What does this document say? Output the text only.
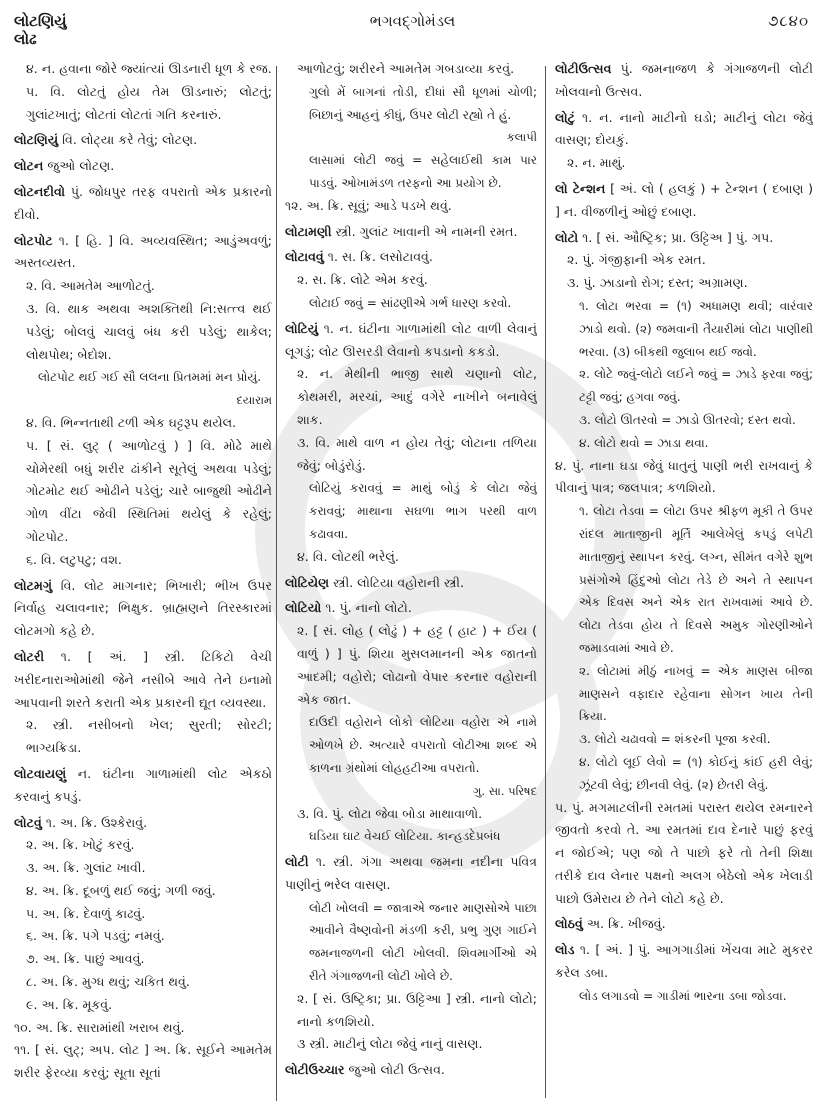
લોટણિયું
લોઢ
ભગવદ્ગોમંડલ	૭૮૪૦
૪. ન. હવાના જોરે જ્યાંત્યાં ઊડનારી ધૂળ કે રજ.
૫. વિ. લોટતું હોય તેમ ઊડનારું; લોટતું; ગુલાંટખાતું; લોટતાં લોટતાં ગતિ કરનારું.
લોટણિયું વિ. લોટ્યા કરે તેવું; લોટણ.
લોટન જુઓ લોટણ.
લોટનદીવો પું. જોધપુર તરફ વપરાતો એક પ્રકારનો દીવો.
લોટપોટ ૧. [ હિ. ] વિ. અવ્યવસ્થિત; આડુંઅવળું; અસ્તવ્યસ્ત.
૨. વિ. આમતેમ આળોટતું.
૩. વિ. થાક અથવા અશક્તિથી નિ:સત્ત્વ થઈ પડેલું; બોલવું ચાલવું બંધ કરી પડેલું; થાકેલ; લોથપોથ; બેદોશ.
લોટપોટ થઈ ગઈ સૌ લલના પ્રિતમમાં મન પ્રોયું.
દયારામ
૪. વિ. ભિન્નતાથી ટળી એક ઘટ્ટરૂપ થયેલ.
૫. [ સં. લુટ્ ( આળોટવું ) ] વિ. મોઢે માથે ચોમેરથી બધું શરીર ઢાંકીને સૂતેલું અથવા પડેલું; ગોટમોટ થઈ ઓઢીને પડેલું; ચારે બાજુથી ઓઢીને ગોળ વીંટા જેવી સ્થિતિમાં થયેલું કે રહેલું; ગોટપોટ.
૬. વિ. લટુપટુ; વશ.
લોટમગું વિ. લોટ માગનાર; ભિખારી; ભીખ ઉપર નિર્વાહ ચલાવનાર; ભિક્ષુક. બ્રાહ્મણને તિરસ્કારમાં લોટમગો કહે છે.
લોટરી ૧. [ અં. ] સ્ત્રી. ટિકિટો વેચી ખરીદનારાઓમાંથી જેને નસીબે આવે તેને ઇનામો આપવાની શરતે કરાતી એક પ્રકારની દ્યૂત વ્યવસ્થા.
૨. સ્ત્રી. નસીબનો ખેલ; સુરતી; સોરટી; ભાગ્યક્રિડા.
લોટવાયણું ન. ઘંટીના ગાળામાંથી લોટ એકઠો કરવાનું કપડું.
લોટવું ૧. અ. ક્રિ. ઉશ્કેરાવું.
૨. અ. ક્રિ. ખોટું કરવું.
૩. અ. ક્રિ. ગુલાંટ ખાવી.
૪. અ. ક્રિ. દૂબળું થઈ જવું; ગળી જવું.
૫. અ. ક્રિ. દેવાળું કાઢવું.
૬. અ. ક્રિ. પગે પડવું; નમવું.
૭. અ. ક્રિ. પાછું આવવું.
૮. અ. ક્રિ. મુગ્ધ થવું; ચકિત થવું.
૯. અ. ક્રિ. મૂકવું.
૧૦. અ. ક્રિ. સારામાંથી ખરાબ થવું.
૧૧. [ સં. લુટ્; અપ. લોટ ] અ. ક્રિ. સૂઈને આમતેમ શરીર ફેરવ્યા કરવું; સૂતા સૂતાં
આળોટવું; શરીરને આમતેમ ગબડાવ્યા કરવું.
ગુલો મેં બાગનાં તોડી, દીધાં સૌ ધૂળમાં ચોળી; બિછાનું આહનું કીધું, ઉપર લોટી રહ્યો તે હું.
કલાપી
લાસામાં લોટી જવું = સહેલાઈથી કામ પાર પાડવું. ઓખામંડળ તરફનો આ પ્રયોગ છે.
૧૨. અ. ક્રિ. સૂવું; આડે પડખે થવું.
લોટામણી સ્ત્રી. ગુલાંટ ખાવાની એ નામની રમત.
લોટાવવું ૧. સ. ક્રિ. લસોટાવવું.
૨. સ. ક્રિ. લોટે એમ કરવું.
લોટાઈ જવું = સાંઢણીએ ગર્ભ ધારણ કરવો.
લોટિયું ૧. ન. ઘંટીના ગાળામાંથી લોટ વાળી લેવાનું લૂગડું; લોટ ઊસરડી લેવાનો કપડાનો કકડો.
૨. ન. મેથીની ભાજી સાથે ચણાનો લોટ, કોથમરી, મરચાં, આદું વગેરે નાખીને બનાવેલું શાક.
૩. વિ. માથે વાળ ન હોય તેવું; લોટાના તળિયા જેવું; બોડુંરોડું.
લોટિયું કરાવવું = માથું બોડું કે લોટા જેવું કરાવવું; માથાના સઘળા ભાગ પરથી વાળ કઢાવવા.
૪. વિ. લોટથી ભરેલું.
લોટિયેણ સ્ત્રી. લોટિયા વહોરાની સ્ત્રી.
લોટિયો ૧. પું. નાનો લોટો.
૨. [ સં. લોહ ( લોઢું ) + હટ્ટ ( હાટ ) + ઈય ( વાળું ) ] પું. શિયા મુસલમાનની એક જાતનો આદમી; વહોરો; લોઢાનો વેપાર કરનાર વહોરાની એક જાત.
દાઉદી વહોરાને લોકો લોટિયા વહોરા એ નામે ઓળખે છે. અત્યારે વપરાતો લોટીઆ શબ્દ એ કાળના ગ્રંથોમાં લોહહટીઆ વપરાતો.
ગુ. સા. પરિષદ
૩. વિ. પું. લોટા જેવા બોડા માથાવાળો.
ઘડિયા ઘાટ વેચઈ લોટિયા. કાન્હડદેપ્રબંધ
લોટી ૧. સ્ત્રી. ગંગા અથવા જમના નદીના પવિત્ર પાણીનું ભરેલ વાસણ.
લોટી ખોલવી = જાત્રાએ જનાર માણસોએ પાછા આવીને વૈષ્ણવોની મંડળી કરી, પ્રભુ ગુણ ગાઈને જમનાજળની લોટી ખોલવી. શિવમાર્ગીઓ એ રીતે ગંગાજળની લોટી ખોલે છે.
૨. [ સં. ઉષ્ટ્રિકા; પ્રા. ઉટ્ટિઆ ] સ્ત્રી. નાનો લોટો; નાનો કળશિયો.
૩ સ્ત્રી. માટીનું લોટા જેવું નાનું વાસણ.
લોટીઉચ્ચાર જુઓ લોટી ઉત્સવ.
લોટીઉત્સવ પું. જમનાજળ કે ગંગાજળની લોટી ખોલવાનો ઉત્સવ.
લોટું ૧. ન. નાનો માટીનો ઘડો; માટીનું લોટા જેવું વાસણ; દોયકું.
૨. ન. માથું.
લો ટેન્શન [ અં. લો ( હલકું ) + ટેન્શન ( દબાણ ) ] ન. વીજળીનું ઓછું દબાણ.
લોટો ૧. [ સં. ઔષ્ટ્રિક; પ્રા. ઉટ્ટિઅ ] પું. ગપ.
૨. પું. ગંજીફાની એક રમત.
૩. પું. ઝાડાનો રોગ; દસ્ત; અગ્રામણ.
૧. લોટા ભરવા = (૧) અધામણ થવી; વારંવાર ઝાડો થવો. (૨) જમવાની તૈયારીમાં લોટા પાણીથી ભરવા. (૩) બીકથી જુલાબ થઈ જવો.
૨. લોટે જવું-લોટો લઈને જવું = ઝાડે ફરવા જવું; ટટ્ટી જવું; હગવા જવું.
૩. લોટો ઊતરવો = ઝાડો ઊતરવો; દસ્ત થવો.
૪. લોટો થવો = ઝાડા થવા.
૪. પું. નાના ઘડા જેવું ધાતુનું પાણી ભરી રાખવાનું કે પીવાનું પાત્ર; જલપાત્ર; કળશિયો.
૧. લોટા તેડવા = લોટા ઉપર શ્રીફળ મૂકી તે ઉપર રાંદલ માતાજીની મૂર્તિ આલેખેલું કપડું લપેટી માતાજીનું સ્થાપન કરવું. લગ્ન, સીમંત વગેરે શુભ પ્રસંગોએ હિંદુઓ લોટા તેડે છે અને તે સ્થાપન એક દિવસ અને એક રાત રાખવામાં આવે છે. લોટા તેડવા હોય તે દિવસે અમુક ગોરણીઓને જમાડવામાં આવે છે.
૨. લોટામાં મીઠું નાખવું = એક માણસ બીજા માણસને વફાદાર રહેવાના સોગન ખાય તેની ક્રિયા.
૩. લોટો ચઢાવવો = શંકરની પૂજા કરવી.
૪. લોટો લૂઈ લેવો = (૧) કોઈનું કાંઈ હરી લેવું; ઝૂંટવી લેવું; છીનવી લેવું. (૨) છેતરી લેવું.
૫. પું. મગમાટલીની રમતમાં પરાસ્ત થયેલ રમનારને જીવતો કરવો તે. આ રમતમાં દાવ દેનારે પાછું ફરવું ન જોઈએ; પણ જો તે પાછો ફરે તો તેની શિક્ષા તરીકે દાવ લેનાર પક્ષનો અલગ બેઠેલો એક ખેલાડી પાછો ઉમેરાય છે તેને લોટો કહે છે.
લોઠવું અ. ક્રિ. ખીજવું.
લોડ ૧. [ અં. ] પું. આગગાડીમાં ખેંચવા માટે મુકરર કરેલ ડબા.
લોડ લગાડવો = ગાડીમાં ભારના ડબા જોડવા.
